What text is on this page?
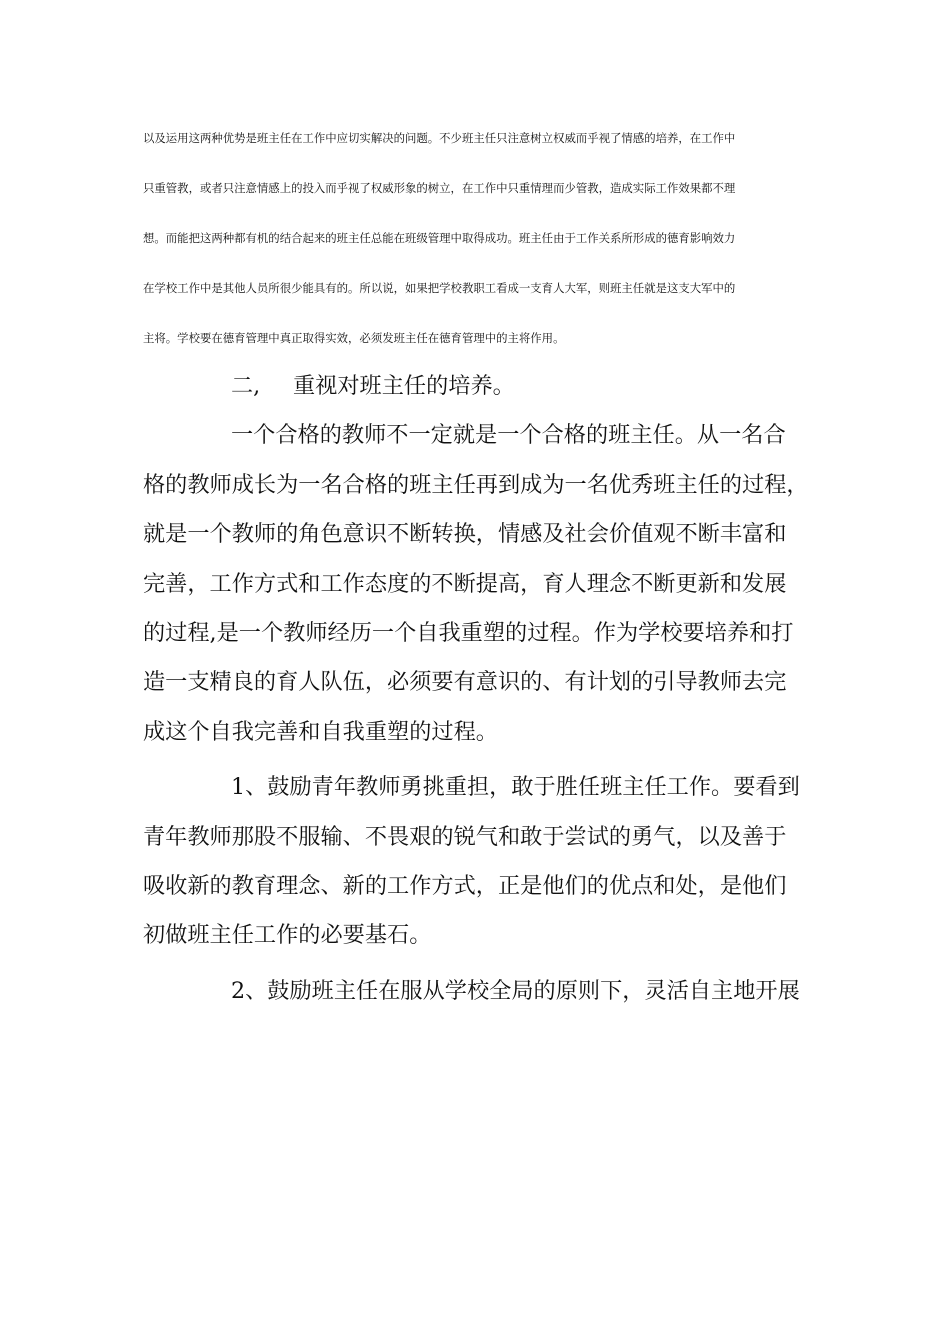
以及运用这两种优势是班主任在工作中应切实解决的问题。不少班主任只注意树立权威而乎视了情感的培养，在工作中
只重管教，或者只注意情感上的投入而乎视了权威形象的树立，在工作中只重情理而少管教，造成实际工作效果都不理
想。而能把这两种都有机的结合起来的班主任总能在班级管理中取得成功。班主任由于工作关系所形成的德育影响效力
在学校工作中是其他人员所很少能具有的。所以说，如果把学校教职工看成一支育人大军，则班主任就是这支大军中的
主将。学校要在德育管理中真正取得实效，必须发班主任在德育管理中的主将作用。
二, 重视对班主任的培养。
一个合格的教师不一定就是一个合格的班主任。从一名合
格的教师成长为一名合格的班主任再到成为一名优秀班主任的过程，
就是一个教师的角色意识不断转换，情感及社会价值观不断丰富和
完善，工作方式和工作态度的不断提高，育人理念不断更新和发展
的过程,是一个教师经历一个自我重塑的过程。作为学校要培养和打
造一支精良的育人队伍，必须要有意识的、有计划的引导教师去完
成这个自我完善和自我重塑的过程。
1、鼓励青年教师勇挑重担，敢于胜任班主任工作。要看到
青年教师那股不服输、不畏艰的锐气和敢于尝试的勇气，以及善于
吸收新的教育理念、新的工作方式，正是他们的优点和处，是他们
初做班主任工作的必要基石。
2、鼓励班主任在服从学校全局的原则下，灵活自主地开展
